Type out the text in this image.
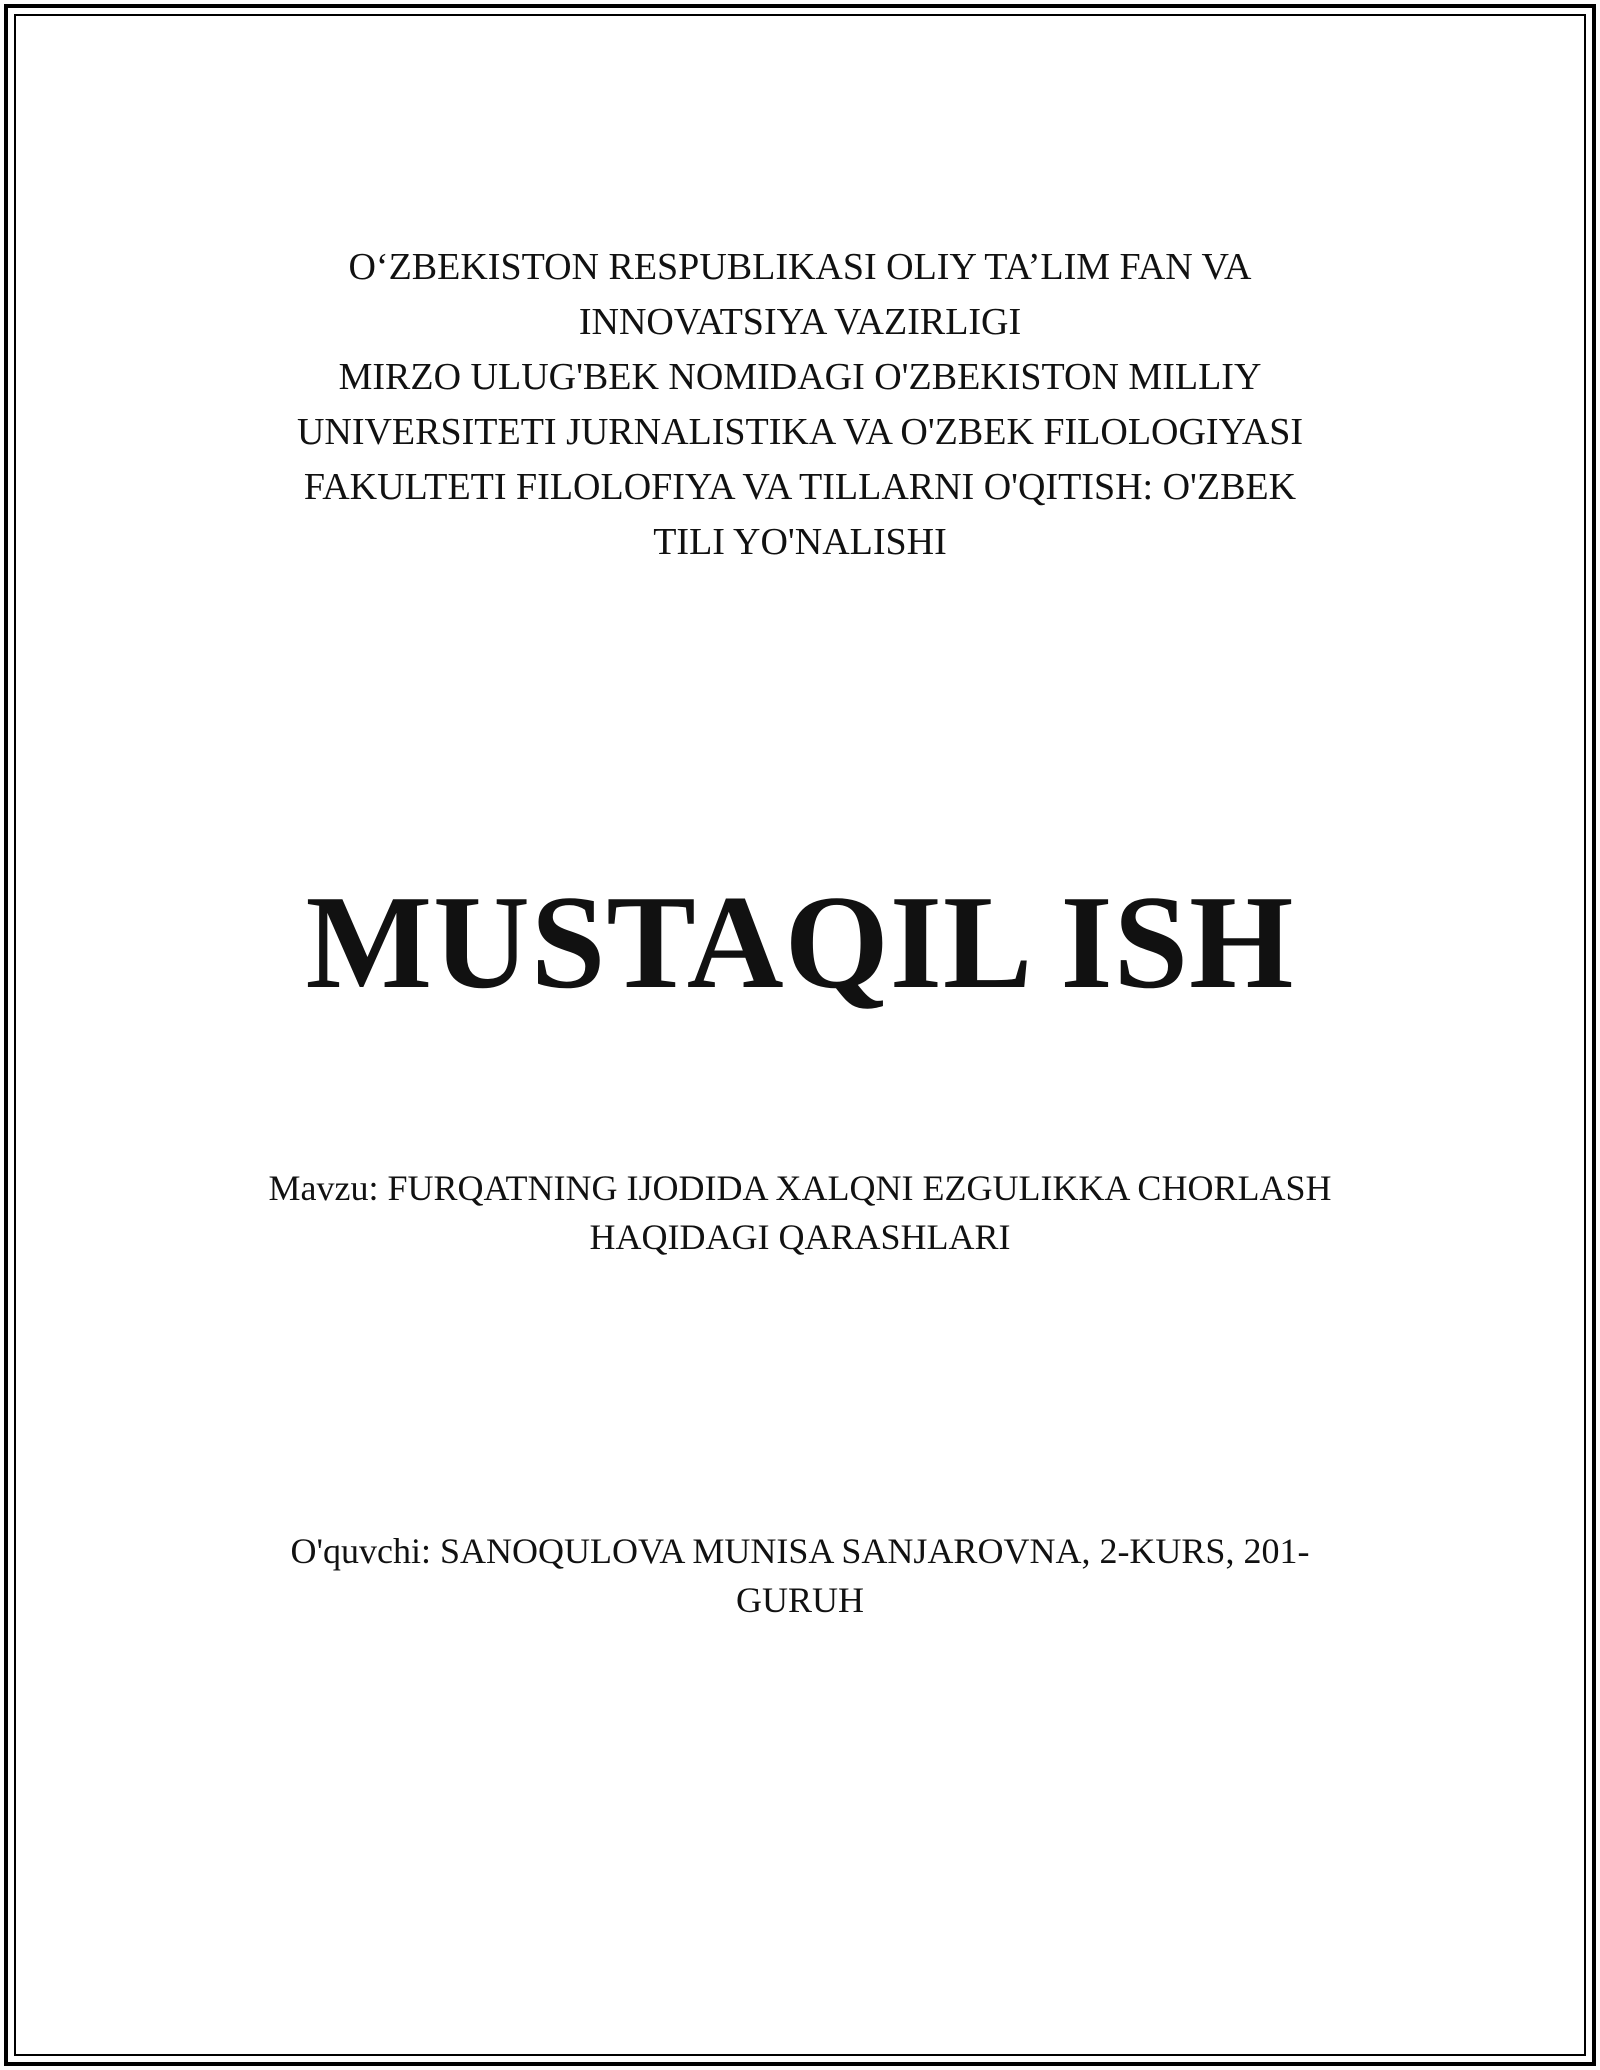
O‘ZBEKISTON RESPUBLIKASI OLIY TA’LIM FAN VA
INNOVATSIYA VAZIRLIGI
MIRZO ULUG'BEK NOMIDAGI O'ZBEKISTON MILLIY
UNIVERSITETI JURNALISTIKA VA O'ZBEK FILOLOGIYASI
FAKULTETI FILOLOFIYA VA TILLARNI O'QITISH: O'ZBEK
TILI YO'NALISHI
MUSTAQIL ISH
Mavzu: FURQATNING IJODIDA XALQNI EZGULIKKA CHORLASH
HAQIDAGI QARASHLARI
O'quvchi: SANOQULOVA MUNISA SANJAROVNA, 2-KURS, 201-
GURUH
